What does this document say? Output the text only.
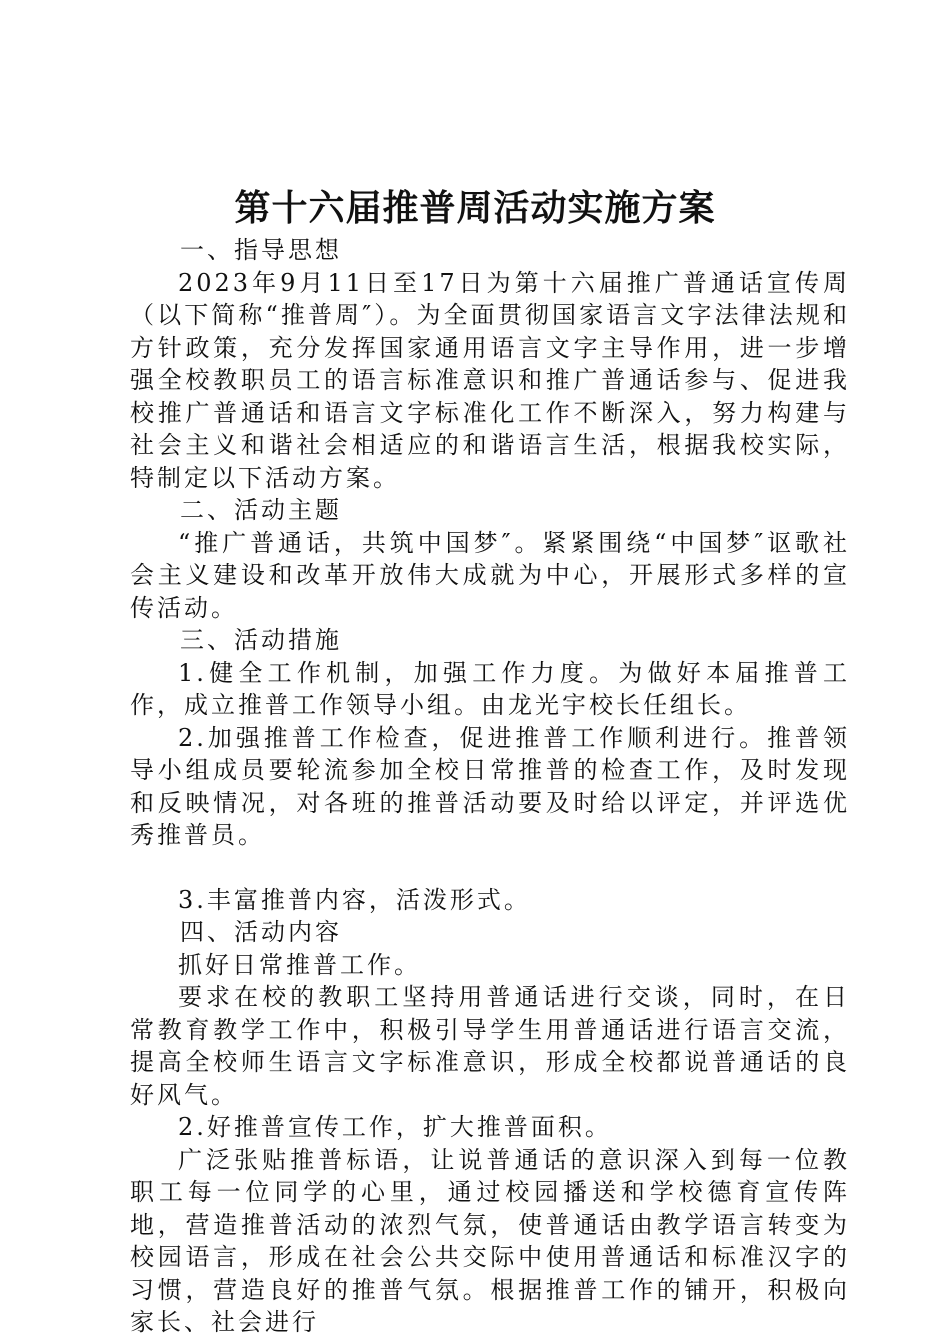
第十六届推普周活动实施方案

一、指导思想

2023年9月11日至17日为第十六届推广普通话宣传周（以下简称“推普周″）。为全面贯彻国家语言文字法律法规和方针政策，充分发挥国家通用语言文字主导作用，进一步增强全校教职员工的语言标准意识和推广普通话参与、促进我校推广普通话和语言文字标准化工作不断深入，努力构建与社会主义和谐社会相适应的和谐语言生活，根据我校实际，特制定以下活动方案。

二、活动主题

“推广普通话，共筑中国梦″。紧紧围绕“中国梦″讴歌社会主义建设和改革开放伟大成就为中心，开展形式多样的宣传活动。

三、活动措施

1.健全工作机制，加强工作力度。为做好本届推普工作，成立推普工作领导小组。由龙光宇校长任组长。

2.加强推普工作检查，促进推普工作顺利进行。推普领导小组成员要轮流参加全校日常推普的检查工作，及时发现和反映情况，对各班的推普活动要及时给以评定，并评选优秀推普员。

3.丰富推普内容，活泼形式。

四、活动内容

抓好日常推普工作。

要求在校的教职工坚持用普通话进行交谈，同时，在日常教育教学工作中，积极引导学生用普通话进行语言交流，提高全校师生语言文字标准意识，形成全校都说普通话的良好风气。

2.好推普宣传工作，扩大推普面积。

广泛张贴推普标语，让说普通话的意识深入到每一位教职工每一位同学的心里，通过校园播送和学校德育宣传阵地，营造推普活动的浓烈气氛，使普通话由教学语言转变为校园语言，形成在社会公共交际中使用普通话和标准汉字的习惯，营造良好的推普气氛。根据推普工作的铺开，积极向家长、社会进行
